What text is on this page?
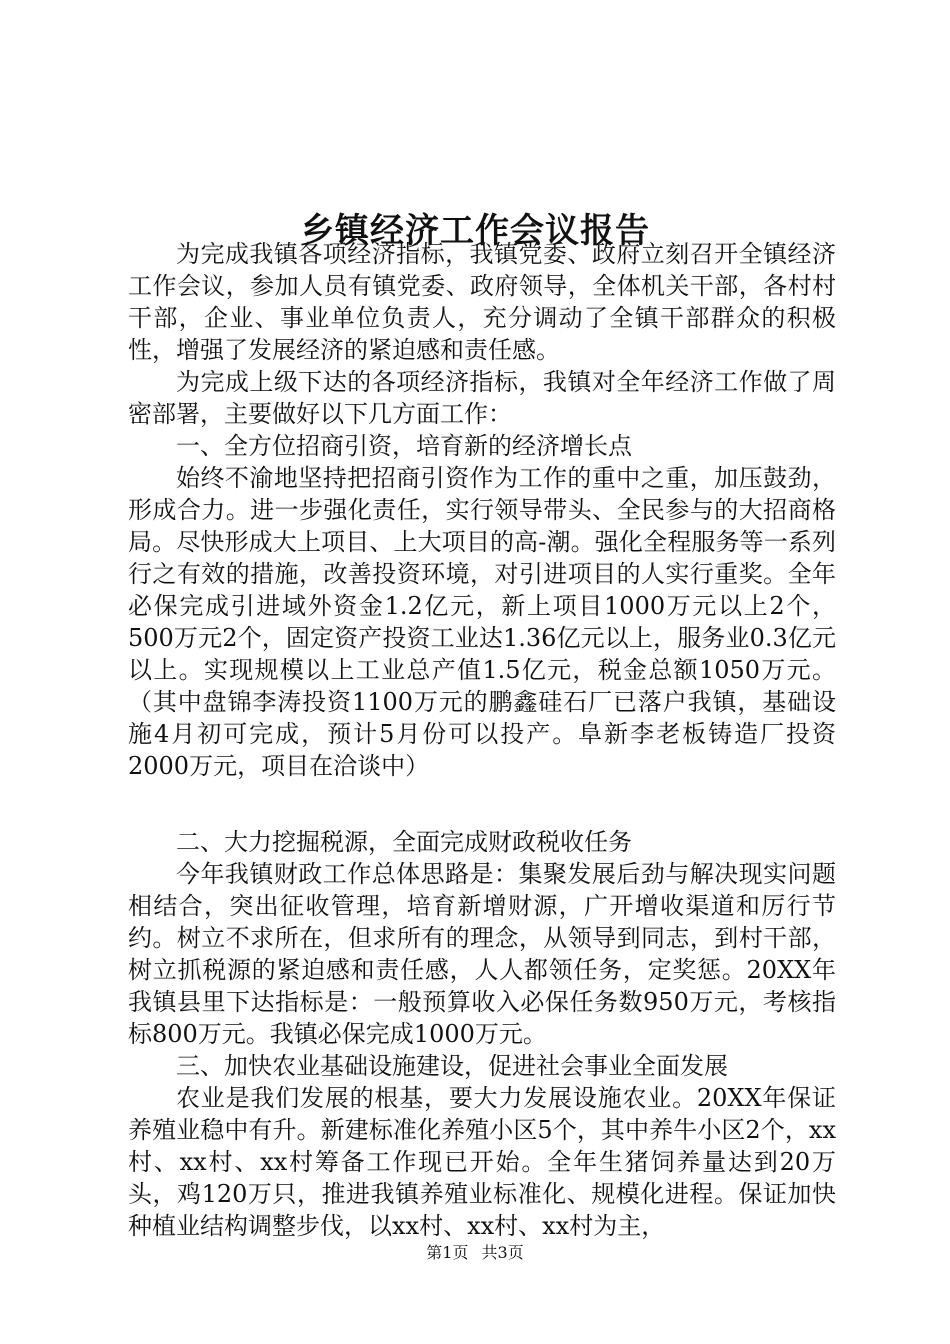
乡镇经济工作会议报告

为完成我镇各项经济指标，我镇党委、政府立刻召开全镇经济工作会议，参加人员有镇党委、政府领导，全体机关干部，各村村干部，企业、事业单位负责人，充分调动了全镇干部群众的积极性，增强了发展经济的紧迫感和责任感。

为完成上级下达的各项经济指标，我镇对全年经济工作做了周密部署，主要做好以下几方面工作：

一、全方位招商引资，培育新的经济增长点

始终不渝地坚持把招商引资作为工作的重中之重，加压鼓劲，形成合力。进一步强化责任，实行领导带头、全民参与的大招商格局。尽快形成大上项目、上大项目的高-潮。强化全程服务等一系列行之有效的措施，改善投资环境，对引进项目的人实行重奖。全年必保完成引进域外资金1.2亿元，新上项目1000万元以上2个，500万元2个，固定资产投资工业达1.36亿元以上，服务业0.3亿元以上。实现规模以上工业总产值1.5亿元，税金总额1050万元。（其中盘锦李涛投资1100万元的鹏鑫硅石厂已落户我镇，基础设施4月初可完成，预计5月份可以投产。阜新李老板铸造厂投资2000万元，项目在洽谈中）

二、大力挖掘税源，全面完成财政税收任务

今年我镇财政工作总体思路是：集聚发展后劲与解决现实问题相结合，突出征收管理，培育新增财源，广开增收渠道和厉行节约。树立不求所在，但求所有的理念，从领导到同志，到村干部，树立抓税源的紧迫感和责任感，人人都领任务，定奖惩。20XX年我镇县里下达指标是：一般预算收入必保任务数950万元，考核指标800万元。我镇必保完成1000万元。

三、加快农业基础设施建设，促进社会事业全面发展

农业是我们发展的根基，要大力发展设施农业。20XX年保证养殖业稳中有升。新建标准化养殖小区5个，其中养牛小区2个，xx村、xx村、xx村筹备工作现已开始。全年生猪饲养量达到20万头，鸡120万只，推进我镇养殖业标准化、规模化进程。保证加快种植业结构调整步伐，以xx村、xx村、xx村为主，

第1页 共3页
